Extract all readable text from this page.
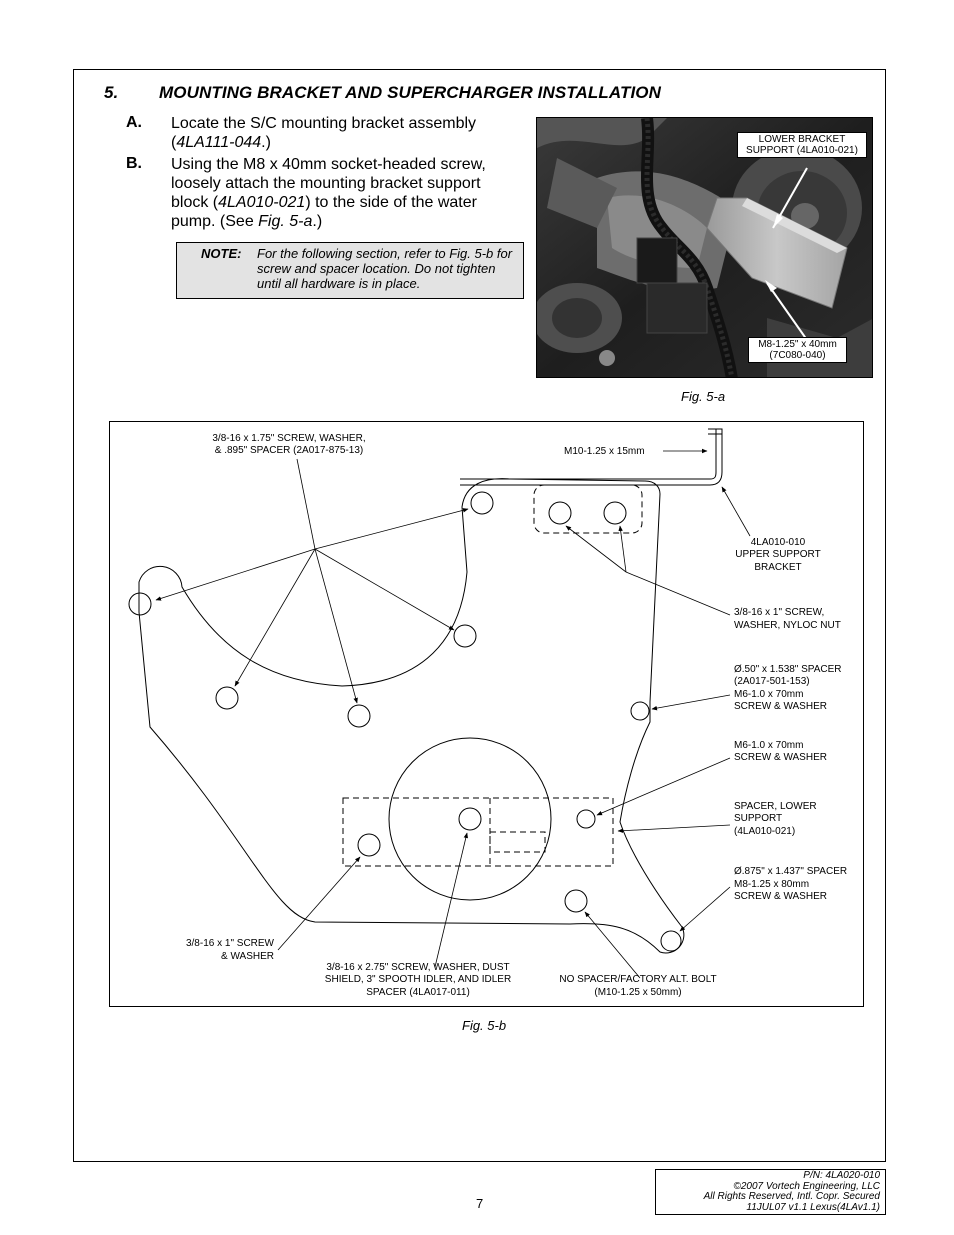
5. MOUNTING BRACKET AND SUPERCHARGER INSTALLATION
A. Locate the S/C mounting bracket assembly (4LA111-044.)
B. Using the M8 x 40mm socket-headed screw, loosely attach the mounting bracket support block (4LA010-021) to the side of the water pump. (See Fig. 5-a.)
NOTE: For the following section, refer to Fig. 5-b for screw and spacer location. Do not tighten until all hardware is in place.
LOWER BRACKET
SUPPORT (4LA010-021)
M8-1.25" x 40mm
(7C080-040)
Fig. 5-a
3/8-16 x 1.75" SCREW, WASHER,
& .895" SPACER (2A017-875-13)	M10-1.25 x 15mm
4LA010-010
UPPER SUPPORT
BRACKET
3/8-16 x 1" SCREW,
WASHER, NYLOC NUT
Ø.50" x 1.538" SPACER
(2A017-501-153)
M6-1.0 x 70mm
SCREW & WASHER
M6-1.0 x 70mm
SCREW & WASHER
SPACER, LOWER
SUPPORT
(4LA010-021)
Ø.875" x 1.437" SPACER
M8-1.25 x 80mm
SCREW & WASHER
3/8-16 x 1" SCREW
& WASHER
3/8-16 x 2.75" SCREW, WASHER, DUST
SHIELD, 3" SPOOTH IDLER, AND IDLER
SPACER (4LA017-011)
NO SPACER/FACTORY ALT. BOLT
(M10-1.25 x 50mm)
Fig. 5-b
7
P/N: 4LA020-010
©2007 Vortech Engineering, LLC
All Rights Reserved, Intl. Copr. Secured
11JUL07 v1.1 Lexus(4LAv1.1)
